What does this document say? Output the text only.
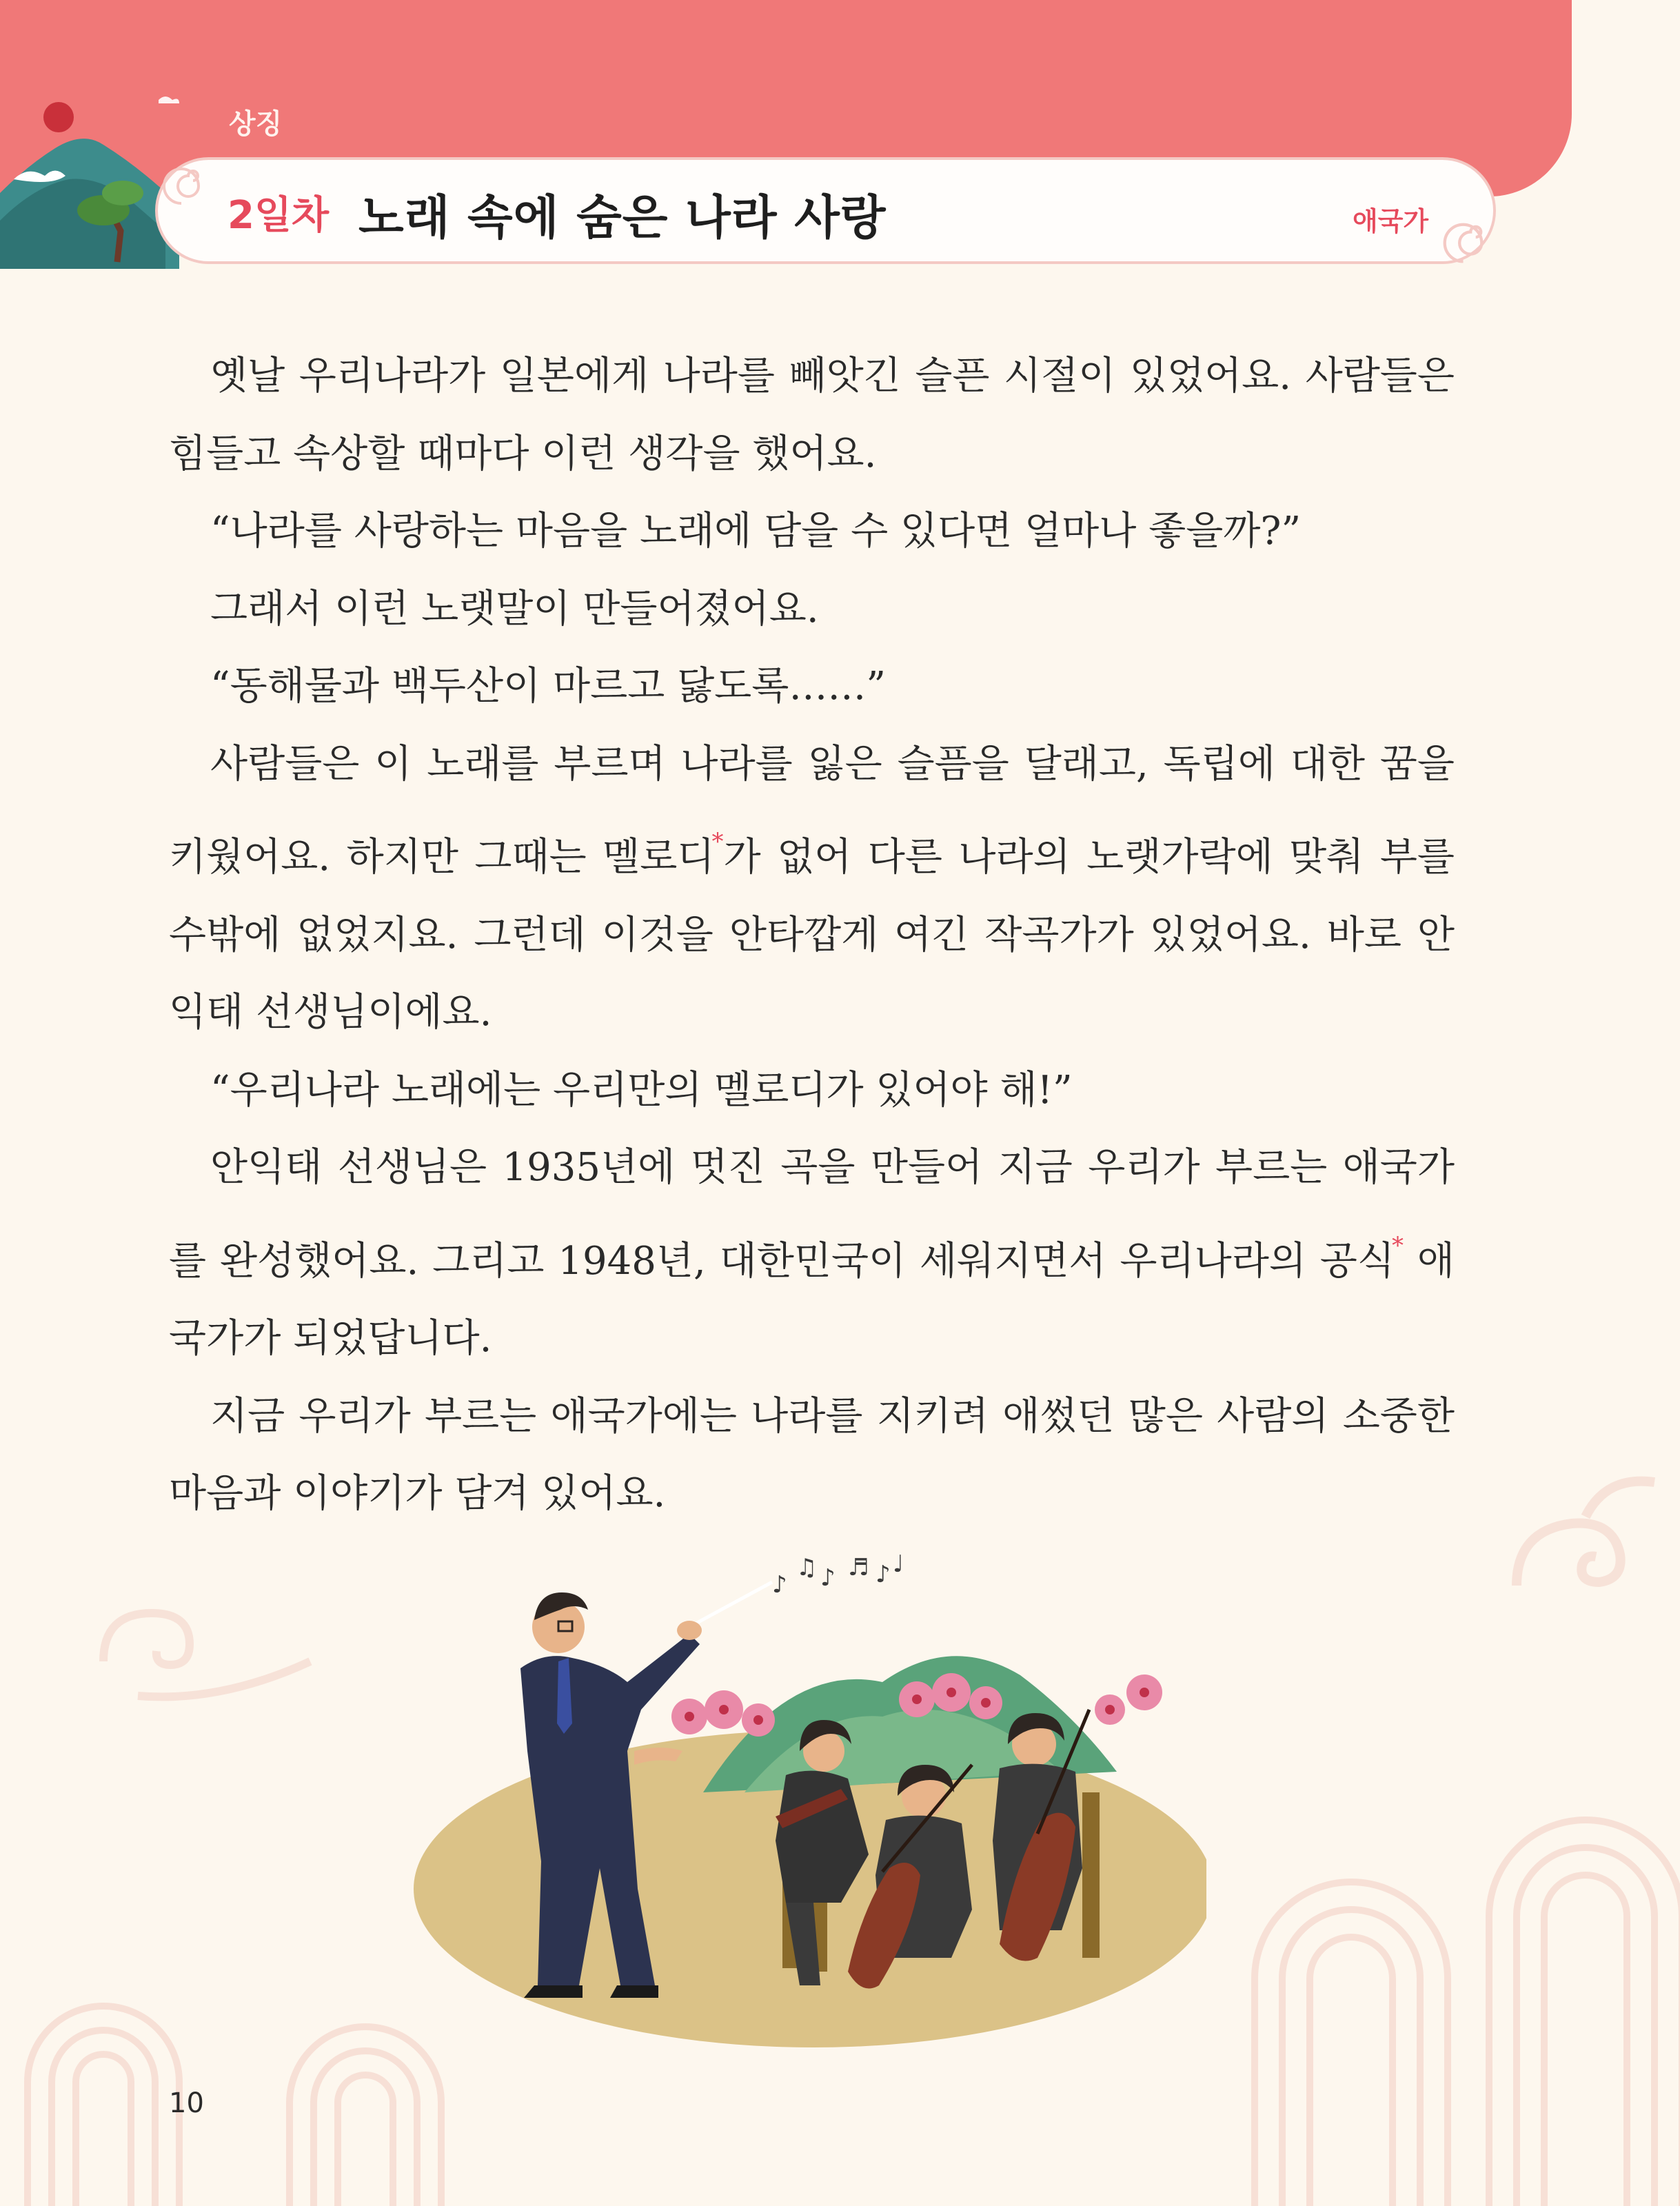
상징
2일차 노래 속에 숨은 나라 사랑	애국가

옛날 우리나라가 일본에게 나라를 빼앗긴 슬픈 시절이 있었어요. 사람들은 힘들고 속상할 때마다 이런 생각을 했어요.

“나라를 사랑하는 마음을 노래에 담을 수 있다면 얼마나 좋을까?”

그래서 이런 노랫말이 만들어졌어요.

“동해물과 백두산이 마르고 닳도록……”

사람들은 이 노래를 부르며 나라를 잃은 슬픔을 달래고, 독립에 대한 꿈을 키웠어요. 하지만 그때는 멜로디*가 없어 다른 나라의 노랫가락에 맞춰 부를 수밖에 없었지요. 그런데 이것을 안타깝게 여긴 작곡가가 있었어요. 바로 안익태 선생님이에요.

“우리나라 노래에는 우리만의 멜로디가 있어야 해!”

안익태 선생님은 1935년에 멋진 곡을 만들어 지금 우리가 부르는 애국가를 완성했어요. 그리고 1948년, 대한민국이 세워지면서 우리나라의 공식* 애국가가 되었답니다.

지금 우리가 부르는 애국가에는 나라를 지키려 애썼던 많은 사람의 소중한 마음과 이야기가 담겨 있어요.

♪
♫ ♪ ♬ ♪ ♩
10
